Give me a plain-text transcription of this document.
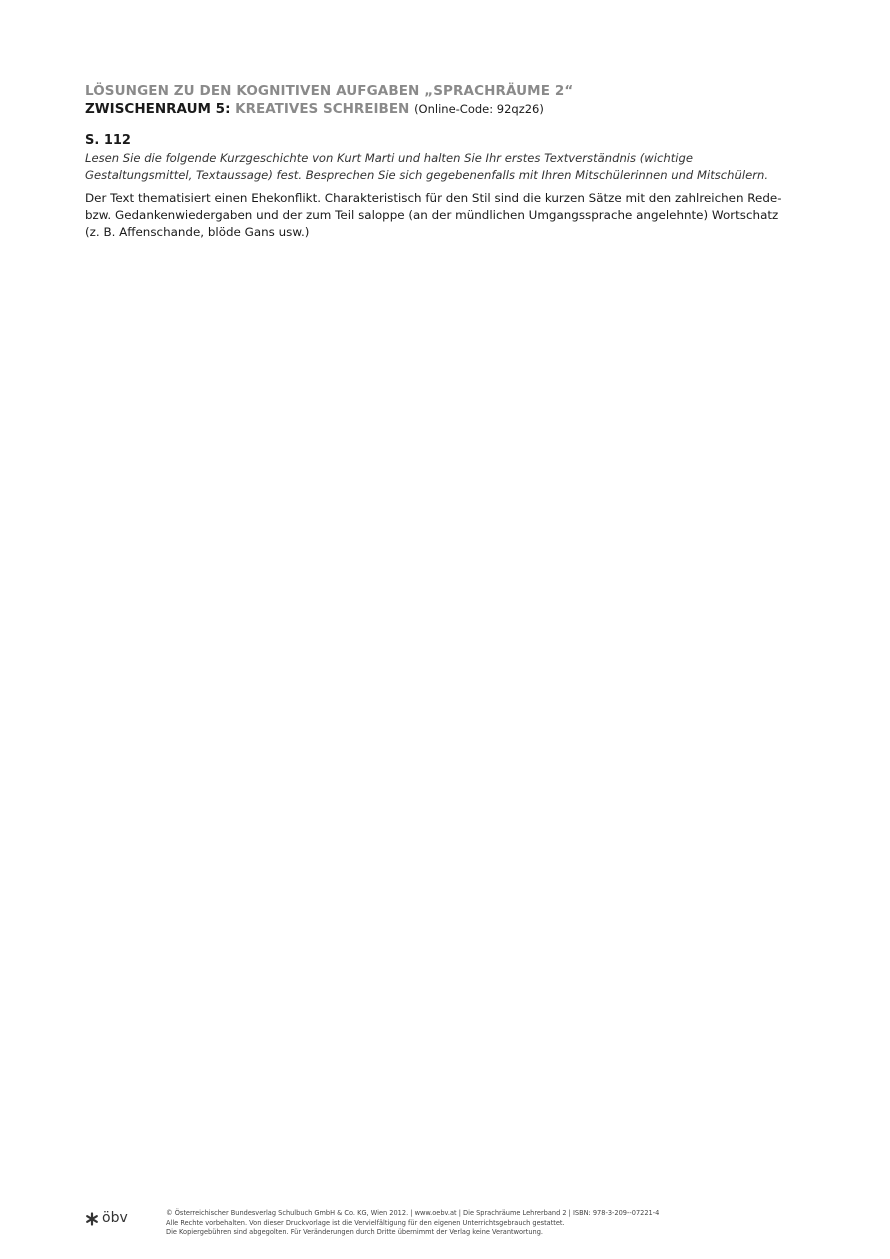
LÖSUNGEN ZU DEN KOGNITIVEN AUFGABEN „SPRACHRÄUME 2“
ZWISCHENRAUM 5: KREATIVES SCHREIBEN (Online-Code: 92qz26)
S. 112

Lesen Sie die folgende Kurzgeschichte von Kurt Marti und halten Sie Ihr erstes Textverständnis (wichtige Gestaltungsmittel, Textaussage) fest. Besprechen Sie sich gegebenenfalls mit Ihren Mitschülerinnen und Mitschülern.

Der Text thematisiert einen Ehekonflikt. Charakteristisch für den Stil sind die kurzen Sätze mit den zahlreichen Rede- bzw. Gedankenwiedergaben und der zum Teil saloppe (an der mündlichen Umgangssprache angelehnte) Wortschatz (z. B. Affenschande, blöde Gans usw.)

öbv	© Österreichischer Bundesverlag Schulbuch GmbH & Co. KG, Wien 2012. | www.oebv.at | Die Sprachräume Lehrerband 2 | ISBN: 978-3-209--07221-4
Alle Rechte vorbehalten. Von dieser Druckvorlage ist die Vervielfältigung für den eigenen Unterrichtsgebrauch gestattet.
Die Kopiergebühren sind abgegolten. Für Veränderungen durch Dritte übernimmt der Verlag keine Verantwortung.
